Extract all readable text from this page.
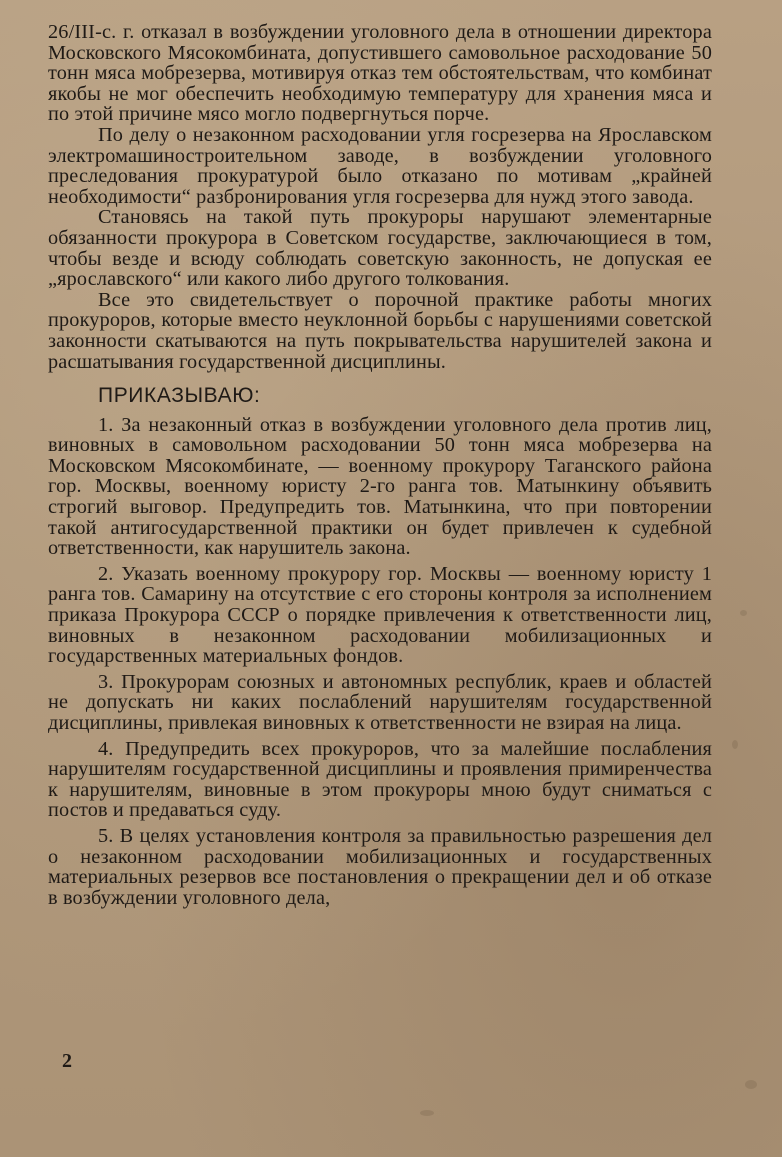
26/III-с. г. отказал в возбуждении уголовного дела в отношении директора Московского Мясокомбината, допустившего самовольное расходование 50 тонн мяса мобрезерва, мотивируя отказ тем обстоятельствам, что комбинат якобы не мог обеспечить необходимую температуру для хранения мяса и по этой причине мясо могло подвергнуться порче.

По делу о незаконном расходовании угля госрезерва на Ярославском электромашиностроительном заводе, в возбуждении уголовного преследования прокуратурой было отказано по мотивам „крайней необходимости“ разбронирования угля госрезерва для нужд этого завода.

Становясь на такой путь прокуроры нарушают элементарные обязанности прокурора в Советском государстве, заключающиеся в том, чтобы везде и всюду соблюдать советскую законность, не допуская ее „ярославского“ или какого либо другого толкования.

Все это свидетельствует о порочной практике работы многих прокуроров, которые вместо неуклонной борьбы с нарушениями советской законности скатываются на путь покрывательства нарушителей закона и расшатывания государственной дисциплины.

ПРИКАЗЫВАЮ:

1. За незаконный отказ в возбуждении уголовного дела против лиц, виновных в самовольном расходовании 50 тонн мяса мобрезерва на Московском Мясокомбинате, — военному прокурору Таганского района гор. Москвы, военному юристу 2-го ранга тов. Матынкину объявить строгий выговор. Предупредить тов. Матынкина, что при повторении такой антигосударственной практики он будет привлечен к судебной ответственности, как нарушитель закона.

2. Указать военному прокурору гор. Москвы — военному юристу 1 ранга тов. Самарину на отсутствие с его стороны контроля за исполнением приказа Прокурора СССР о порядке привлечения к ответственности лиц, виновных в незаконном расходовании мобилизационных и государственных материальных фондов.

3. Прокурорам союзных и автономных республик, краев и областей не допускать ни каких послаблений нарушителям государственной дисциплины, привлекая виновных к ответственности не взирая на лица.

4. Предупредить всех прокуроров, что за малейшие послабления нарушителям государственной дисциплины и проявления примиренчества к нарушителям, виновные в этом прокуроры мною будут сниматься с постов и предаваться суду.

5. В целях установления контроля за правильностью разрешения дел о незаконном расходовании мобилизационных и государственных материальных резервов все постановления о прекращении дел и об отказе в возбуждении уголовного дела,

2
